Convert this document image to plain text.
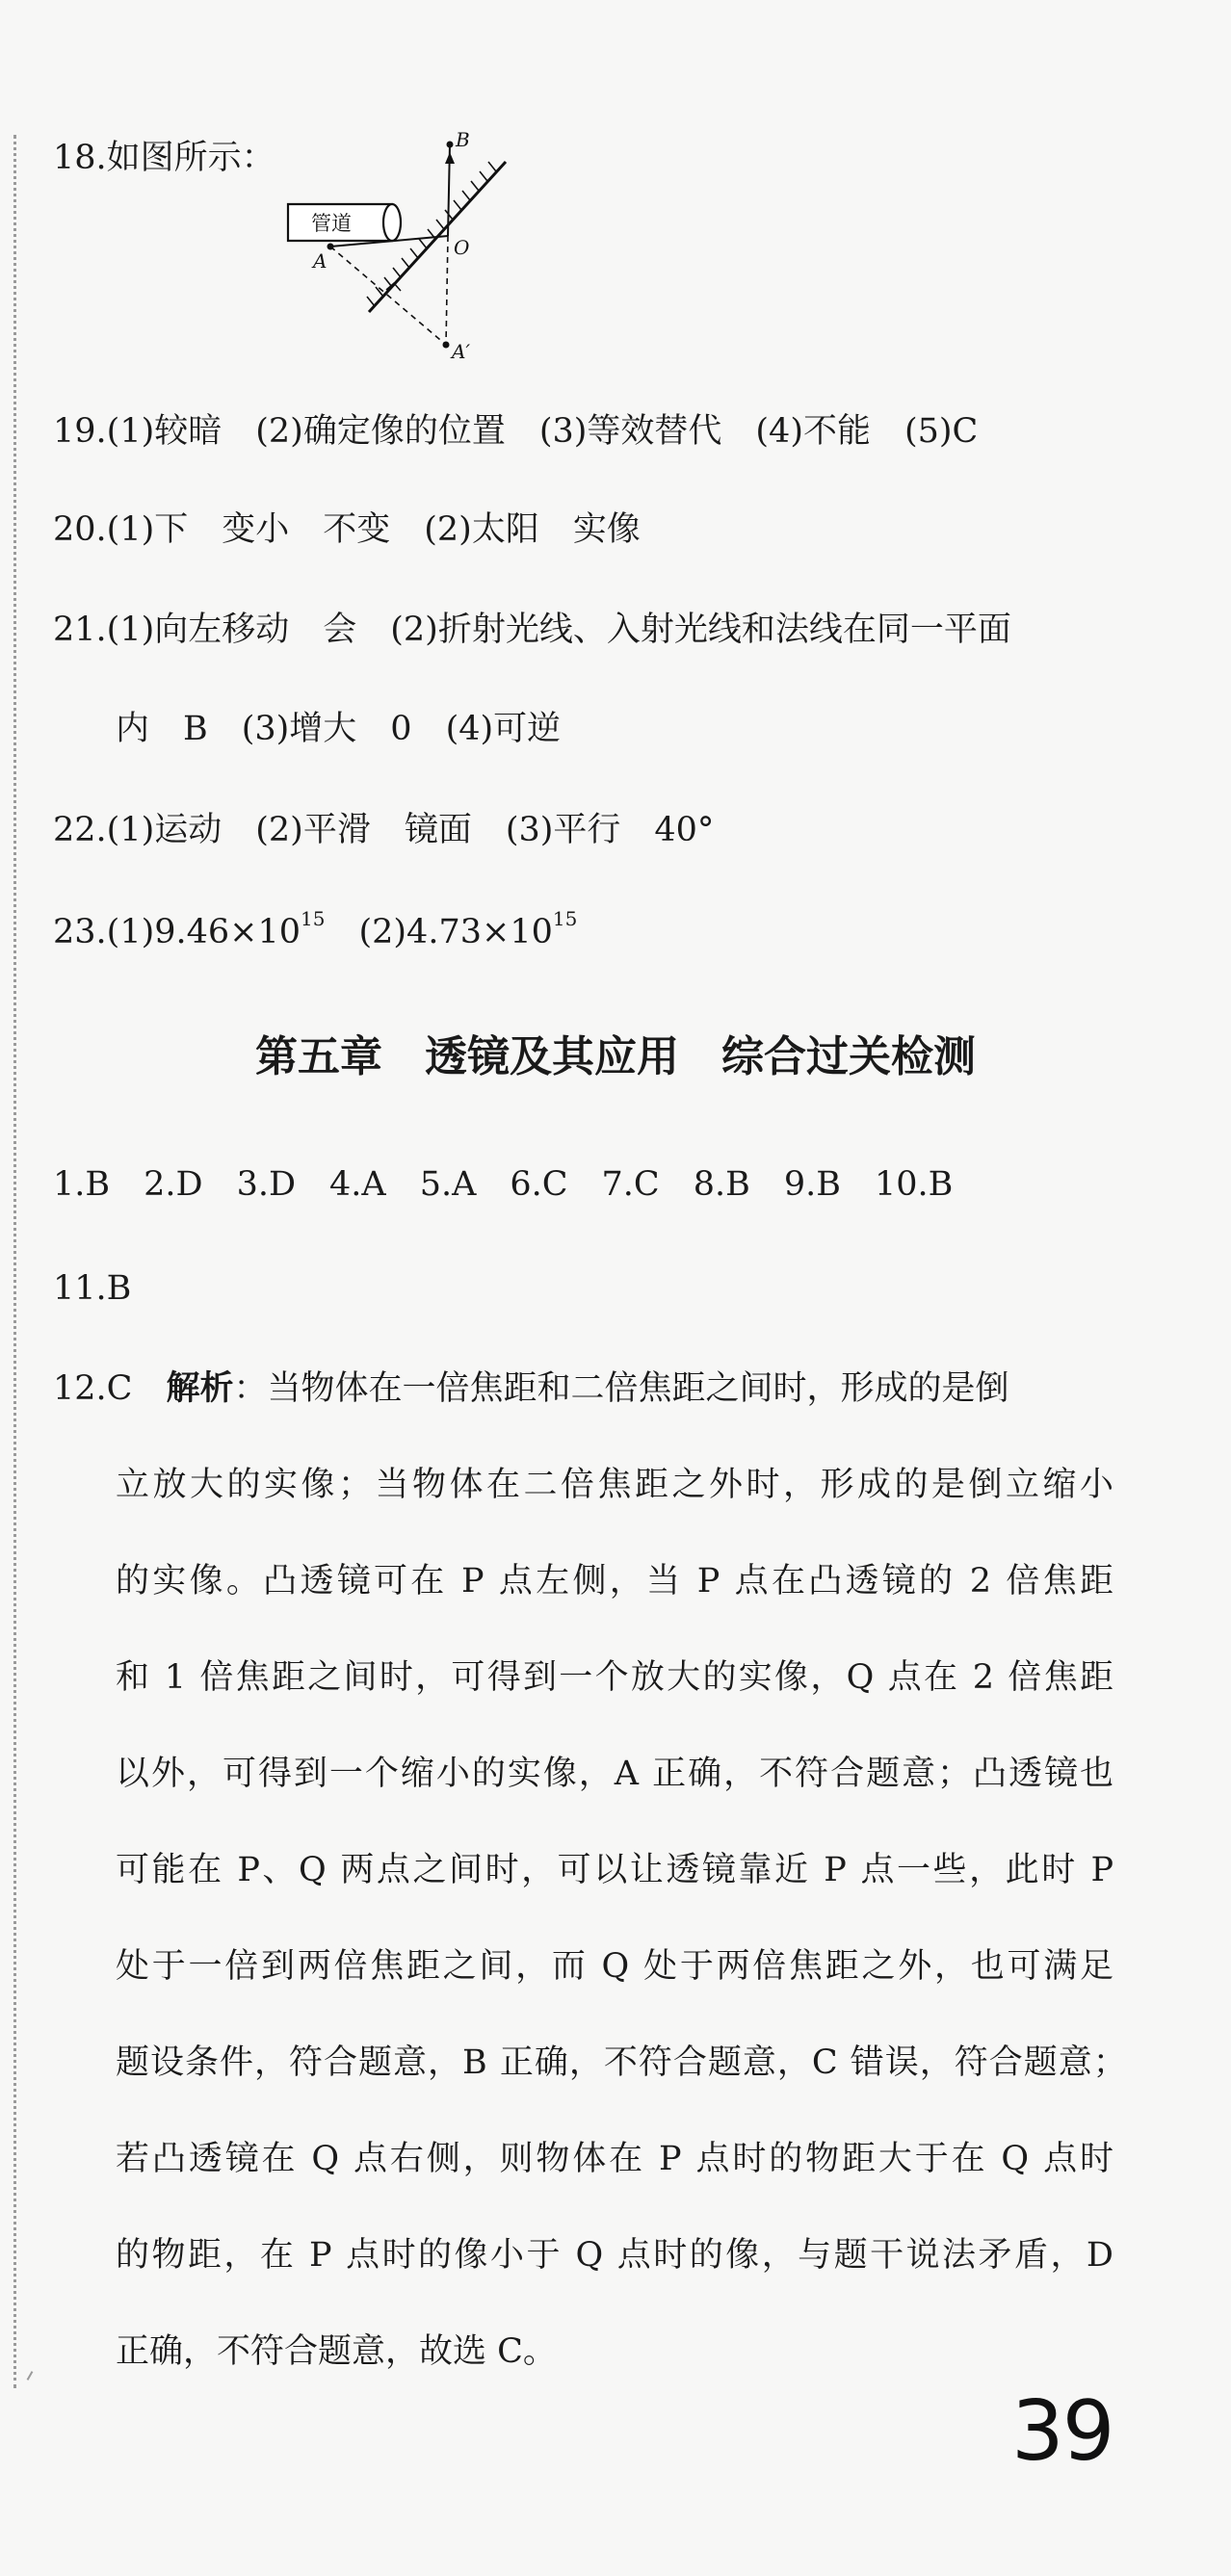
18.如图所示：
管道
A
B
O
A′
19.(1)较暗　(2)确定像的位置　(3)等效替代　(4)不能　(5)C
20.(1)下　变小　不变　(2)太阳　实像
21.(1)向左移动　会　(2)折射光线、入射光线和法线在同一平面
内　B　(3)增大　0　(4)可逆
22.(1)运动　(2)平滑　镜面　(3)平行　40°
$23.(1)9.46\times 10^{15}$　$(2)4.73\times 10^{15}$
第五章　透镜及其应用　综合过关检测
1.B　2.D　3.D　4.A　5.A　6.C　7.C　8.B　9.B　10.B
11.B
12.C　 解析：当物体在一倍焦距和二倍焦距之间时，形成的是倒
立放大的实像；当物体在二倍焦距之外时，形成的是倒立缩小
的实像。凸透镜可在 P 点左侧，当 P 点在凸透镜的 2 倍焦距
和 1 倍焦距之间时，可得到一个放大的实像，Q 点在 2 倍焦距
以外，可得到一个缩小的实像，A 正确，不符合题意；凸透镜也
可能在 P、Q 两点之间时，可以让透镜靠近 P 点一些，此时 P
处于一倍到两倍焦距之间，而 Q 处于两倍焦距之外，也可满足
题设条件，符合题意，B 正确，不符合题意，C 错误，符合题意；
若凸透镜在 Q 点右侧，则物体在 P 点时的物距大于在 Q 点时
的物距，在 P 点时的像小于 Q 点时的像，与题干说法矛盾，D
正确，不符合题意，故选 C。
39
